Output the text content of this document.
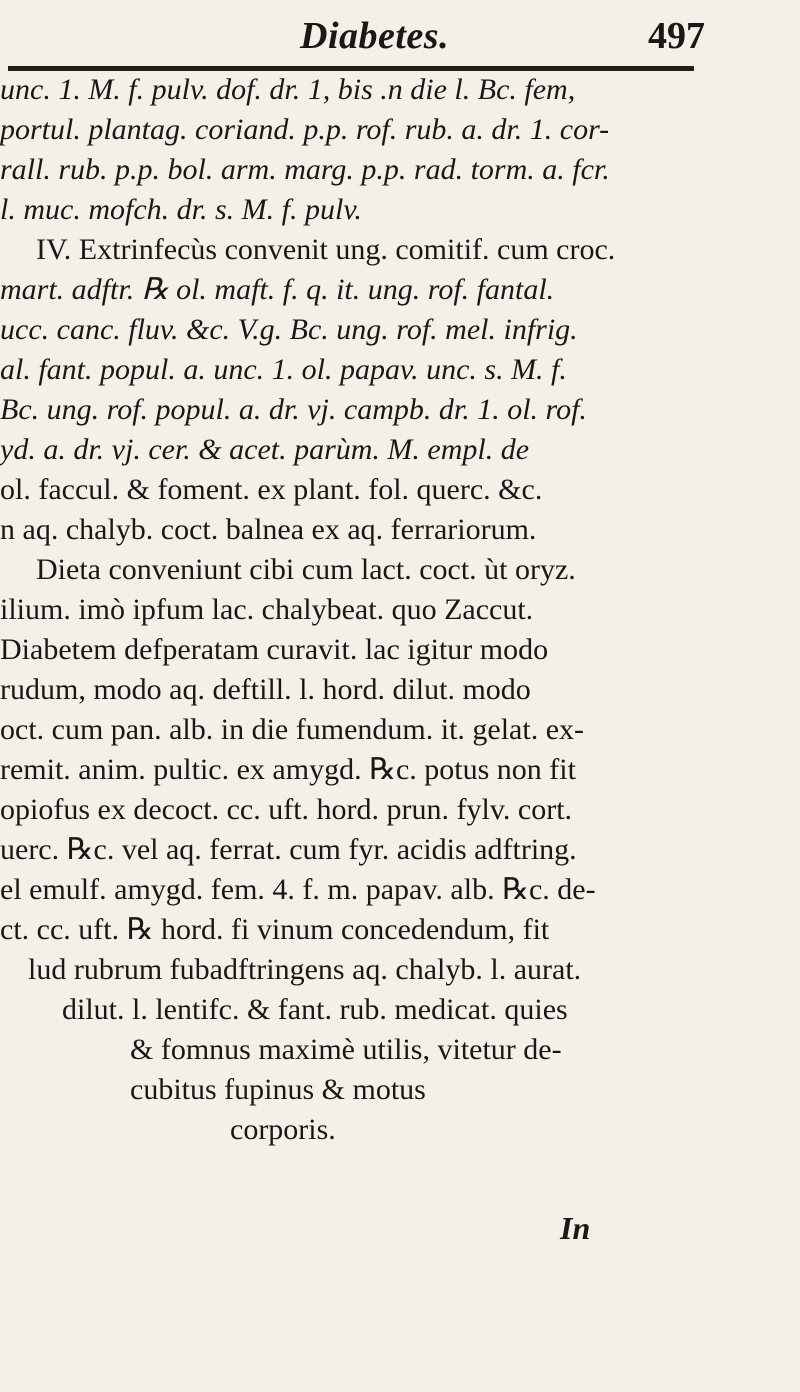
Diabetes.	497
unc. 1. M. f. pulv. dof. dr. 1, bis .n die l. Bc. fem,
portul. plantag. coriand. p.p. rof. rub. a. dr. 1. cor-
rall. rub. p.p. bol. arm. marg. p.p. rad. torm. a. fcr.
l. muc. mofch. dr. s. M. f. pulv.
IV. Extrinfecùs convenit ung. comitif. cum croc.
mart. adftr. ℞ ol. maft. f. q. it. ung. rof. fantal.
ucc. canc. fluv. &c. V.g. Bc. ung. rof. mel. infrig.
al. fant. popul. a. unc. 1. ol. papav. unc. s. M. f.
Bc. ung. rof. popul. a. dr. vj. campb. dr. 1. ol. rof.
yd. a. dr. vj. cer. & acet. parùm. M. empl. de
ol. faccul. & foment. ex plant. fol. querc. &c.
n aq. chalyb. coct. balnea ex aq. ferrariorum.
Dieta conveniunt cibi cum lact. coct. ùt oryz.
ilium. imò ipfum lac. chalybeat. quo Zaccut.
Diabetem defperatam curavit. lac igitur modo
rudum, modo aq. deftill. l. hord. dilut. modo
oct. cum pan. alb. in die fumendum. it. gelat. ex-
remit. anim. pultic. ex amygd. ℞c. potus non fit
opiofus ex decoct. cc. uft. hord. prun. fylv. cort.
uerc. ℞c. vel aq. ferrat. cum fyr. acidis adftring.
el emulf. amygd. fem. 4. f. m. papav. alb. ℞c. de-
ct. cc. uft. ℞ hord. fi vinum concedendum, fit
lud rubrum fubadftringens aq. chalyb. l. aurat.
dilut. l. lentifc. & fant. rub. medicat. quies
& fomnus maximè utilis, vitetur de-
cubitus fupinus & motus
corporis.
In
